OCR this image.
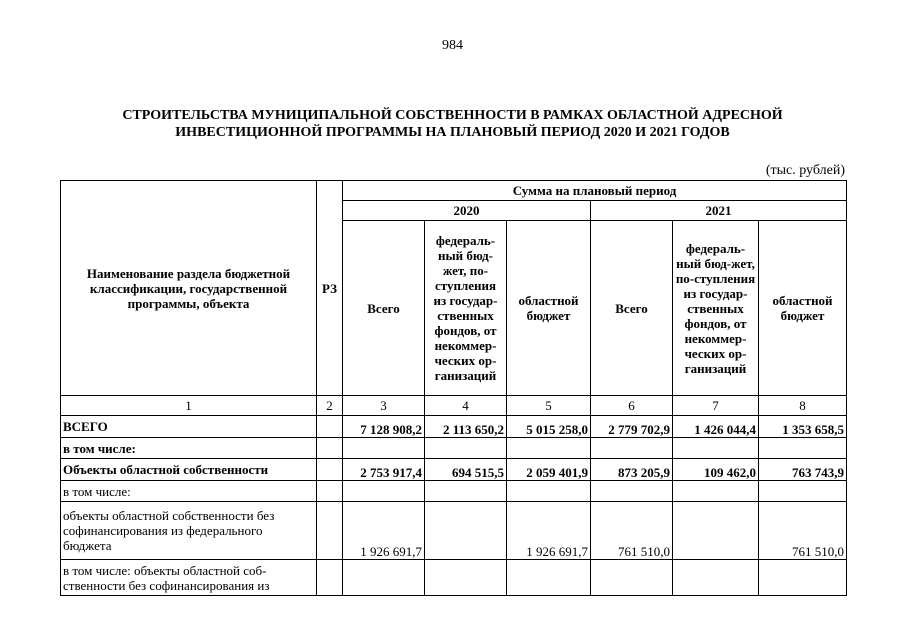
984
СТРОИТЕЛЬСТВА МУНИЦИПАЛЬНОЙ СОБСТВЕННОСТИ В РАМКАХ ОБЛАСТНОЙ АДРЕСНОЙ
ИНВЕСТИЦИОННОЙ ПРОГРАММЫ НА ПЛАНОВЫЙ ПЕРИОД 2020 И 2021 ГОДОВ
(тыс. рублей)
Наименование раздела бюджетной классификации, государственной программы, объекта	РЗ	Сумма на плановый период					
		2020			2021		
		Всего	федераль-ный бюд-жет, по-ступления из государ-ственных фондов, от некоммер-ческих ор-ганизаций	областной бюджет	Всего	федераль-ный бюд-жет, по-ступления из государ-ственных фондов, от некоммер-ческих ор-ганизаций	областной бюджет
1	2	3	4	5	6	7	8
ВСЕГО		7 128 908,2	2 113 650,2	5 015 258,0	2 779 702,9	1 426 044,4	1 353 658,5
в том числе:							
Объекты областной собственности		2 753 917,4	694 515,5	2 059 401,9	873 205,9	109 462,0	763 743,9
в том числе:							
объекты областной собственности без софинансирования из федерального бюджета		1 926 691,7		1 926 691,7	761 510,0		761 510,0
в том числе: объекты областной соб-ственности без софинансирования из							
